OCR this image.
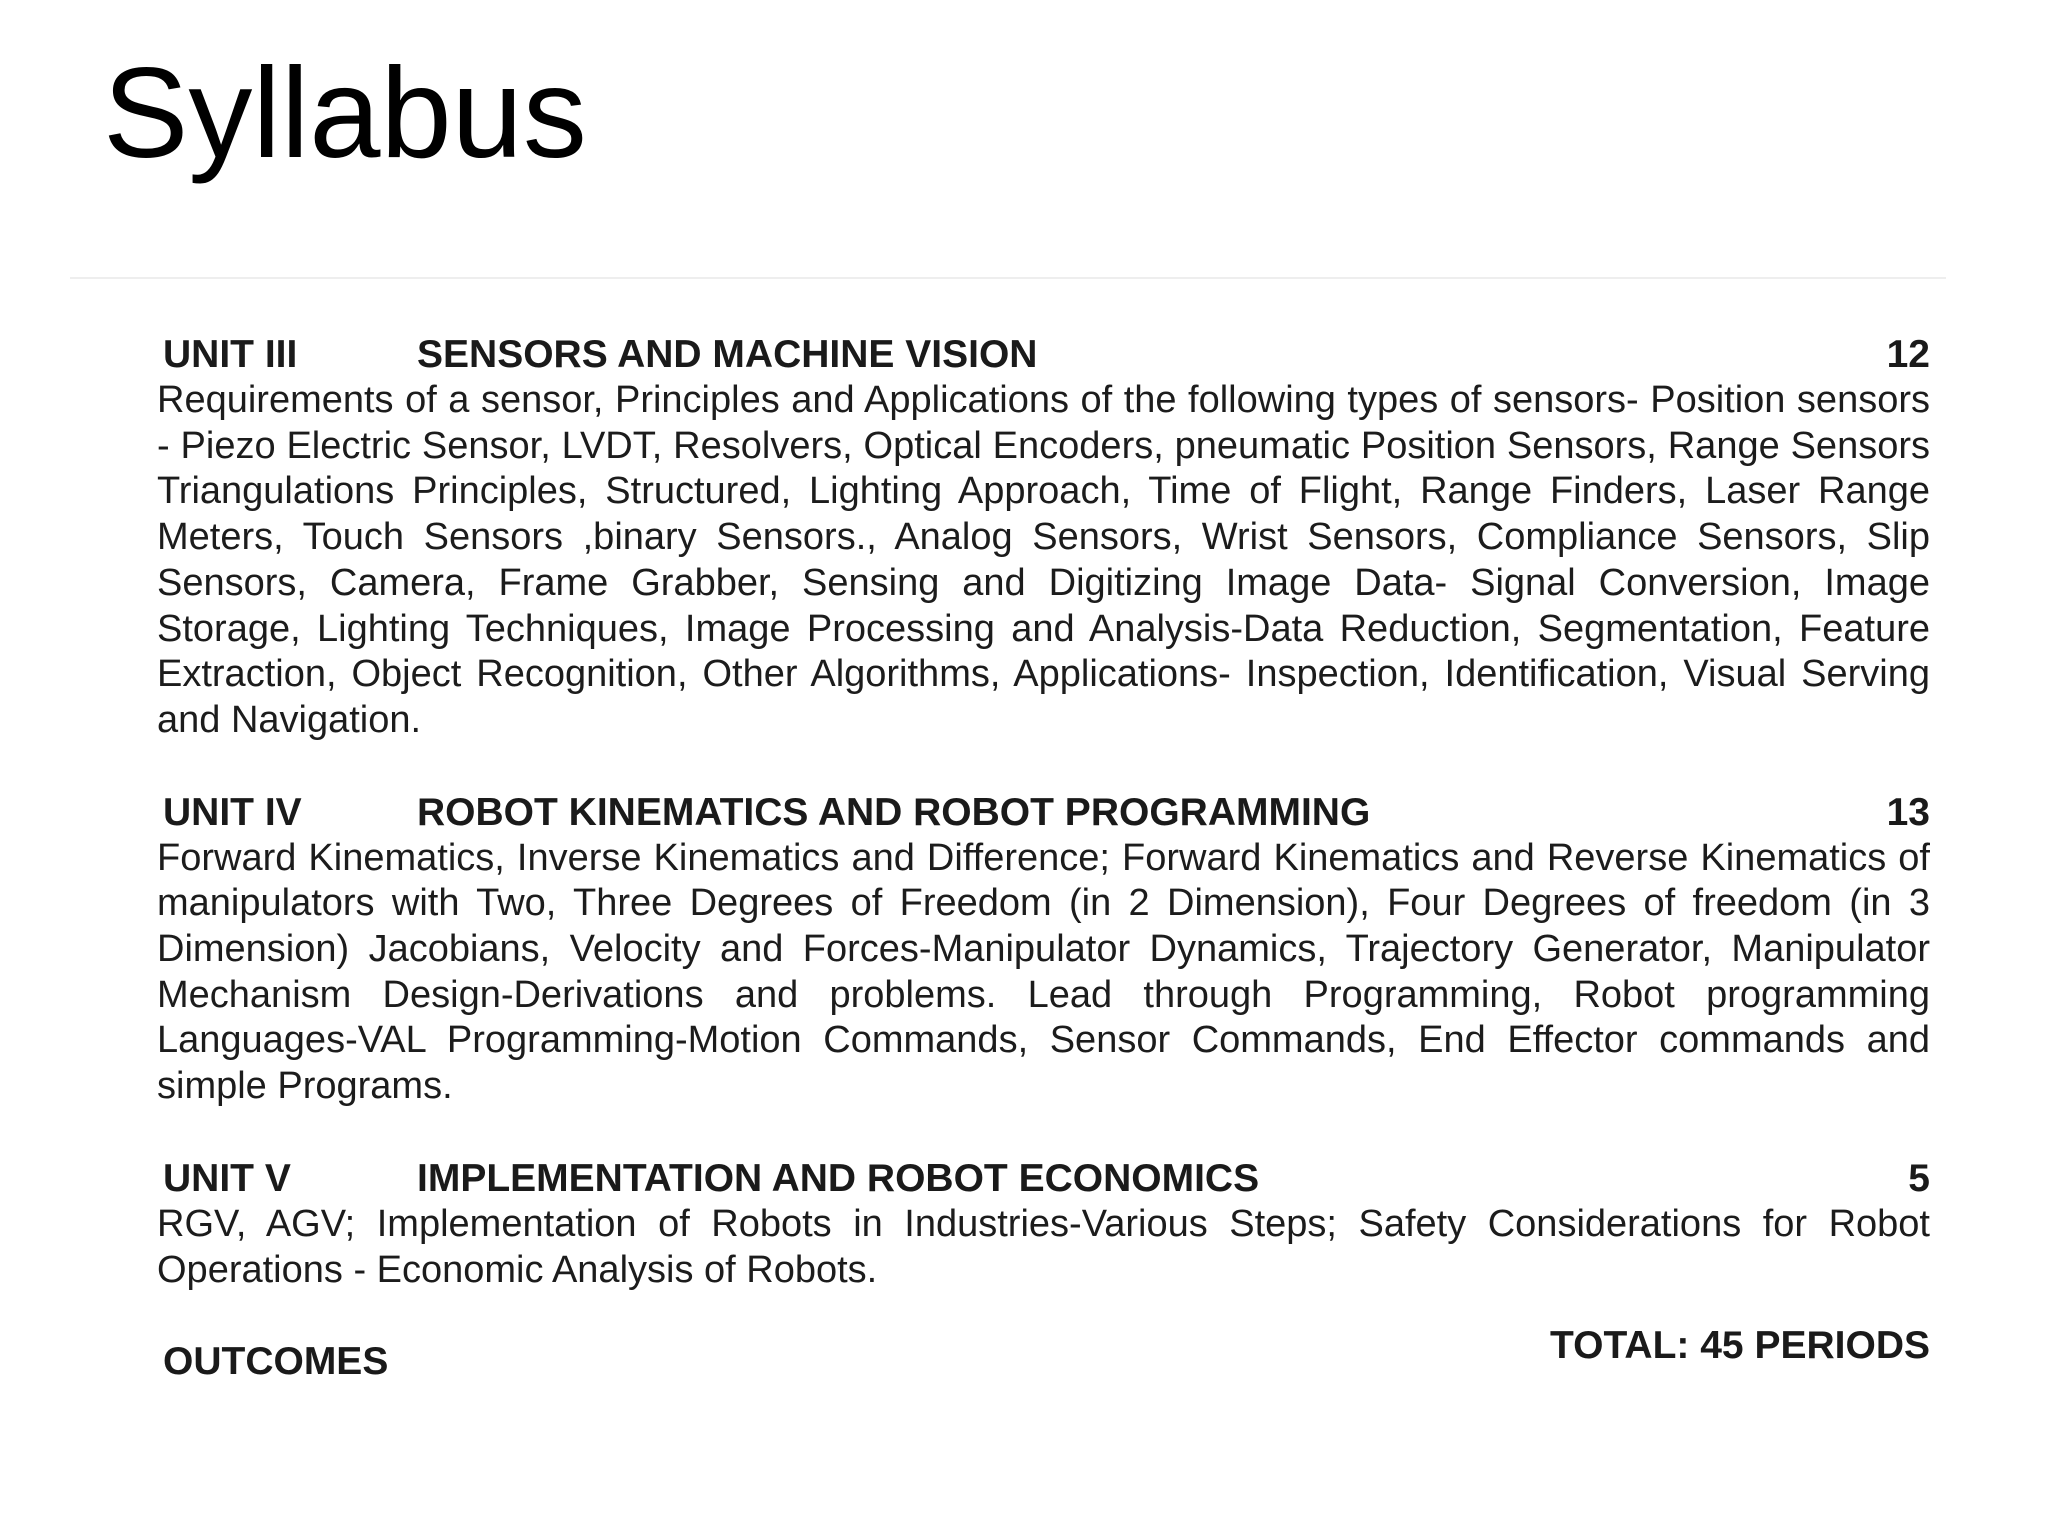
Syllabus
UNIT III	SENSORS AND MACHINE VISION	12

Requirements of a sensor, Principles and Applications of the following types of sensors- Position sensors - Piezo Electric Sensor, LVDT, Resolvers, Optical Encoders, pneumatic Position Sensors, Range Sensors Triangulations Principles, Structured, Lighting Approach, Time of Flight, Range Finders, Laser Range Meters, Touch Sensors ,binary Sensors., Analog Sensors, Wrist Sensors, Compliance Sensors, Slip Sensors, Camera, Frame Grabber, Sensing and Digitizing Image Data- Signal Conversion, Image Storage, Lighting Techniques, Image Processing and Analysis-Data Reduction, Segmentation, Feature Extraction, Object Recognition, Other Algorithms, Applications- Inspection, Identification, Visual Serving and Navigation.

UNIT IV	ROBOT KINEMATICS AND ROBOT PROGRAMMING	13

Forward Kinematics, Inverse Kinematics and Difference; Forward Kinematics and Reverse Kinematics of manipulators with Two, Three Degrees of Freedom (in 2 Dimension), Four Degrees of freedom (in 3 Dimension) Jacobians, Velocity and Forces-Manipulator Dynamics, Trajectory Generator, Manipulator Mechanism Design-Derivations and problems. Lead through Programming, Robot programming Languages-VAL Programming-Motion Commands, Sensor Commands, End Effector commands and simple Programs.

UNIT V	IMPLEMENTATION AND ROBOT ECONOMICS	5

RGV, AGV; Implementation of Robots in Industries-Various Steps; Safety Considerations for Robot Operations - Economic Analysis of Robots.

TOTAL: 45 PERIODS
OUTCOMES
